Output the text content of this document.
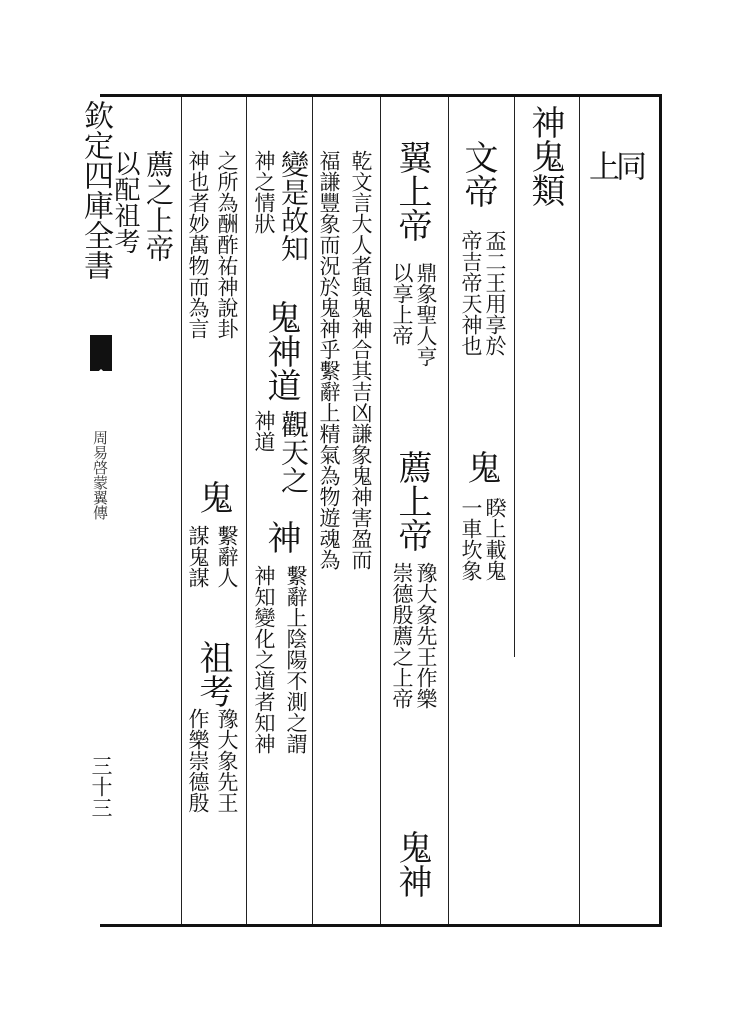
欽定四庫全書
周易啓蒙翼傳
三十三
同
上
神鬼類
文帝
盃二王用享於
帝吉帝天神也
鬼
睽上載鬼
一車坎象
翼上帝
鼎象聖人亨
以享上帝
薦上帝
豫大象先王作樂
崇德殷薦之上帝
鬼神
乾文言大人者與鬼神合其吉凶謙象鬼神害盈而
福謙豐象而況於鬼神乎繫辭上精氣為物遊魂為
變是故知
神之情狀
鬼神道
神道 觀天之
神
繫辭上陰陽不測之謂
神知變化之道者知神
之所為酬酢祐神說卦
神也者妙萬物而為言
鬼
繫辭人
謀鬼謀
祖考
豫大象先王
作樂崇德殷
薦之上帝
以配祖考
